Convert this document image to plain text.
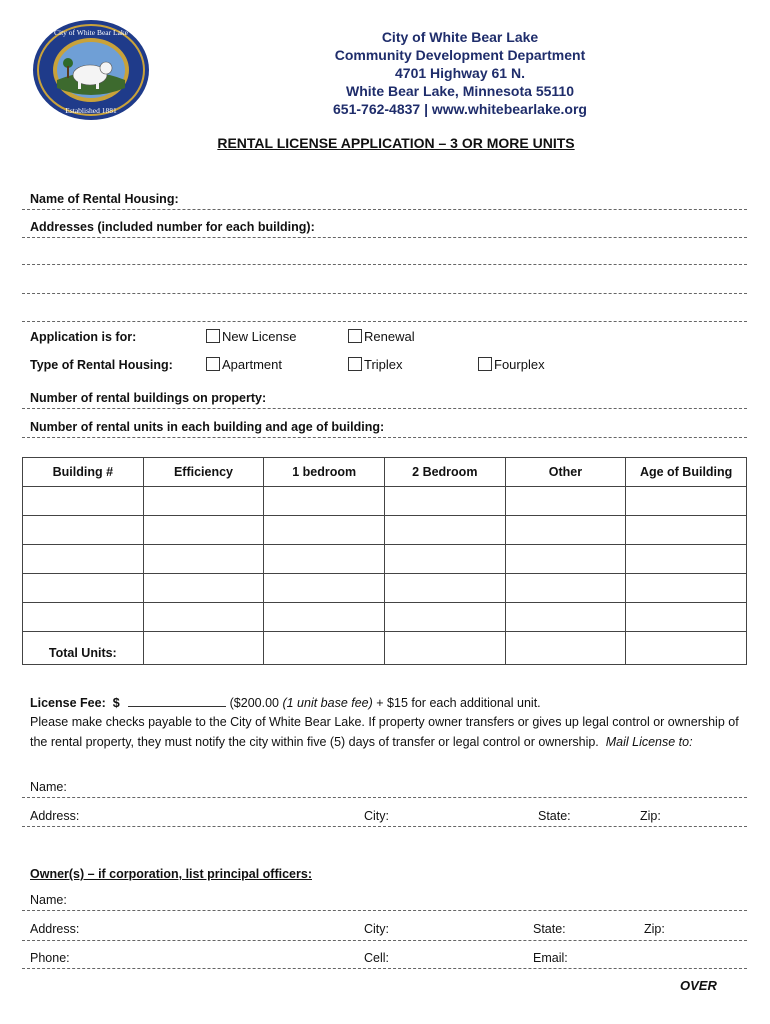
City of White Bear Lake
Established 1881
City of White Bear Lake
Community Development Department
4701 Highway 61 N.
White Bear Lake, Minnesota 55110
651-762-4837 | www.whitebearlake.org
RENTAL LICENSE APPLICATION – 3 OR MORE UNITS
Name of Rental Housing:
Addresses (included number for each building):
Application is for:	New License	Renewal
Type of Rental Housing:	Apartment	Triplex	Fourplex
Number of rental buildings on property:
Number of rental units in each building and age of building:
Building #	Efficiency	1 bedroom	2 Bedroom	Other	Age of Building

Total Units:					
License Fee: $	($200.00 (1 unit base fee) + $15 for each additional unit.
Please make checks payable to the City of White Bear Lake. If property owner transfers or gives up legal control or ownership of the rental property, they must notify the city within five (5) days of transfer or legal control or ownership. Mail License to:
Name:
Address:	City:	State:	Zip:
Owner(s) – if corporation, list principal officers:
Name:
Address:	City:	State:	Zip:
Phone:	Cell:	Email:
OVER
